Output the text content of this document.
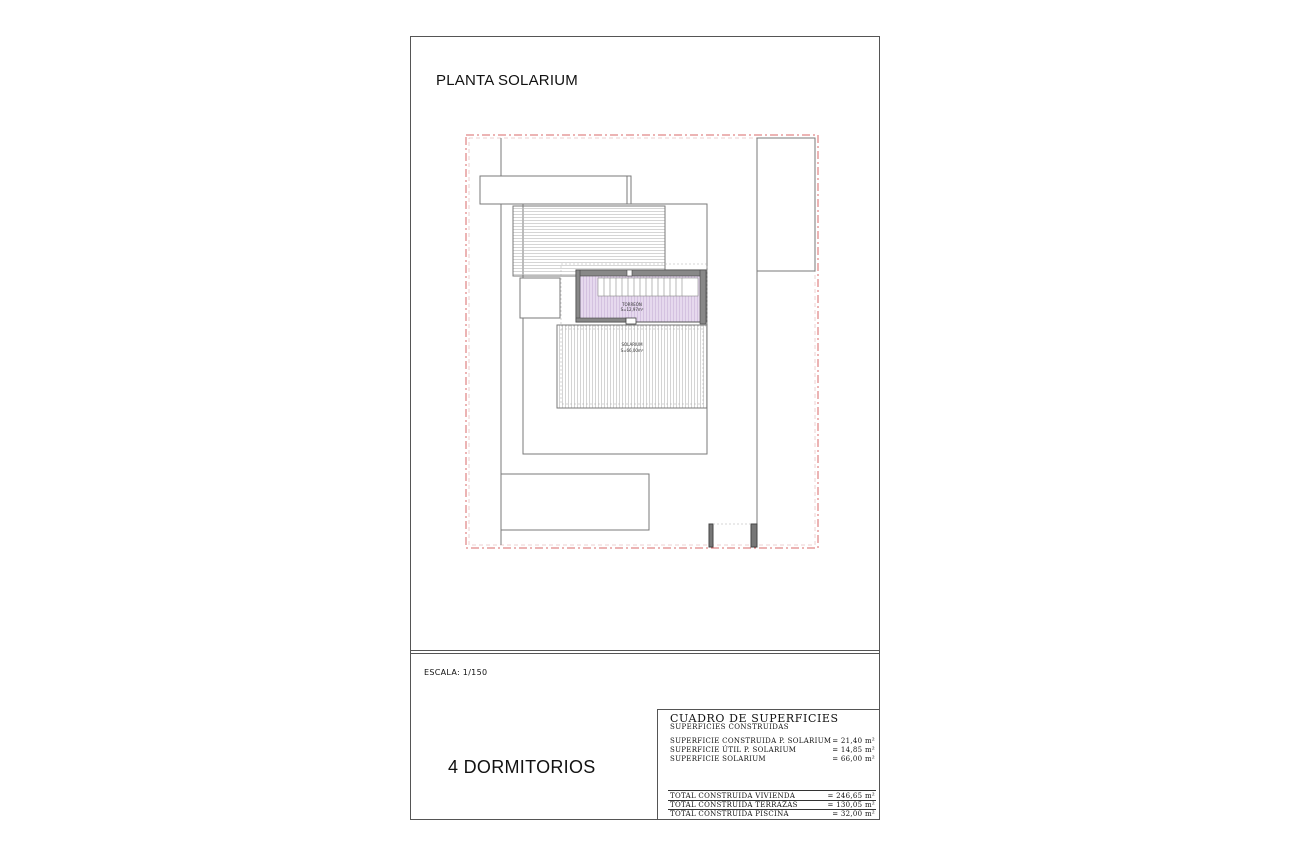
PLANTA SOLARIUM
TORREÓN
S=12,97m²
SOLARIUM
S=66,00m²
ESCALA: 1/150
4 DORMITORIOS
CUADRO DE SUPERFICIES
SUPERFICIES CONSTRUIDAS
SUPERFICIE CONSTRUIDA P. SOLARIUM = 21,40 m²
SUPERFICIE ÚTIL P. SOLARIUM	= 14,85 m²
SUPERFICIE SOLARIUM	= 66,00 m²
TOTAL CONSTRUIDA VIVIENDA	= 246,65 m²
TOTAL CONSTRUIDA TERRAZAS	= 130,05 m²
TOTAL CONSTRUIDA PISCINA	= 32,00 m²
